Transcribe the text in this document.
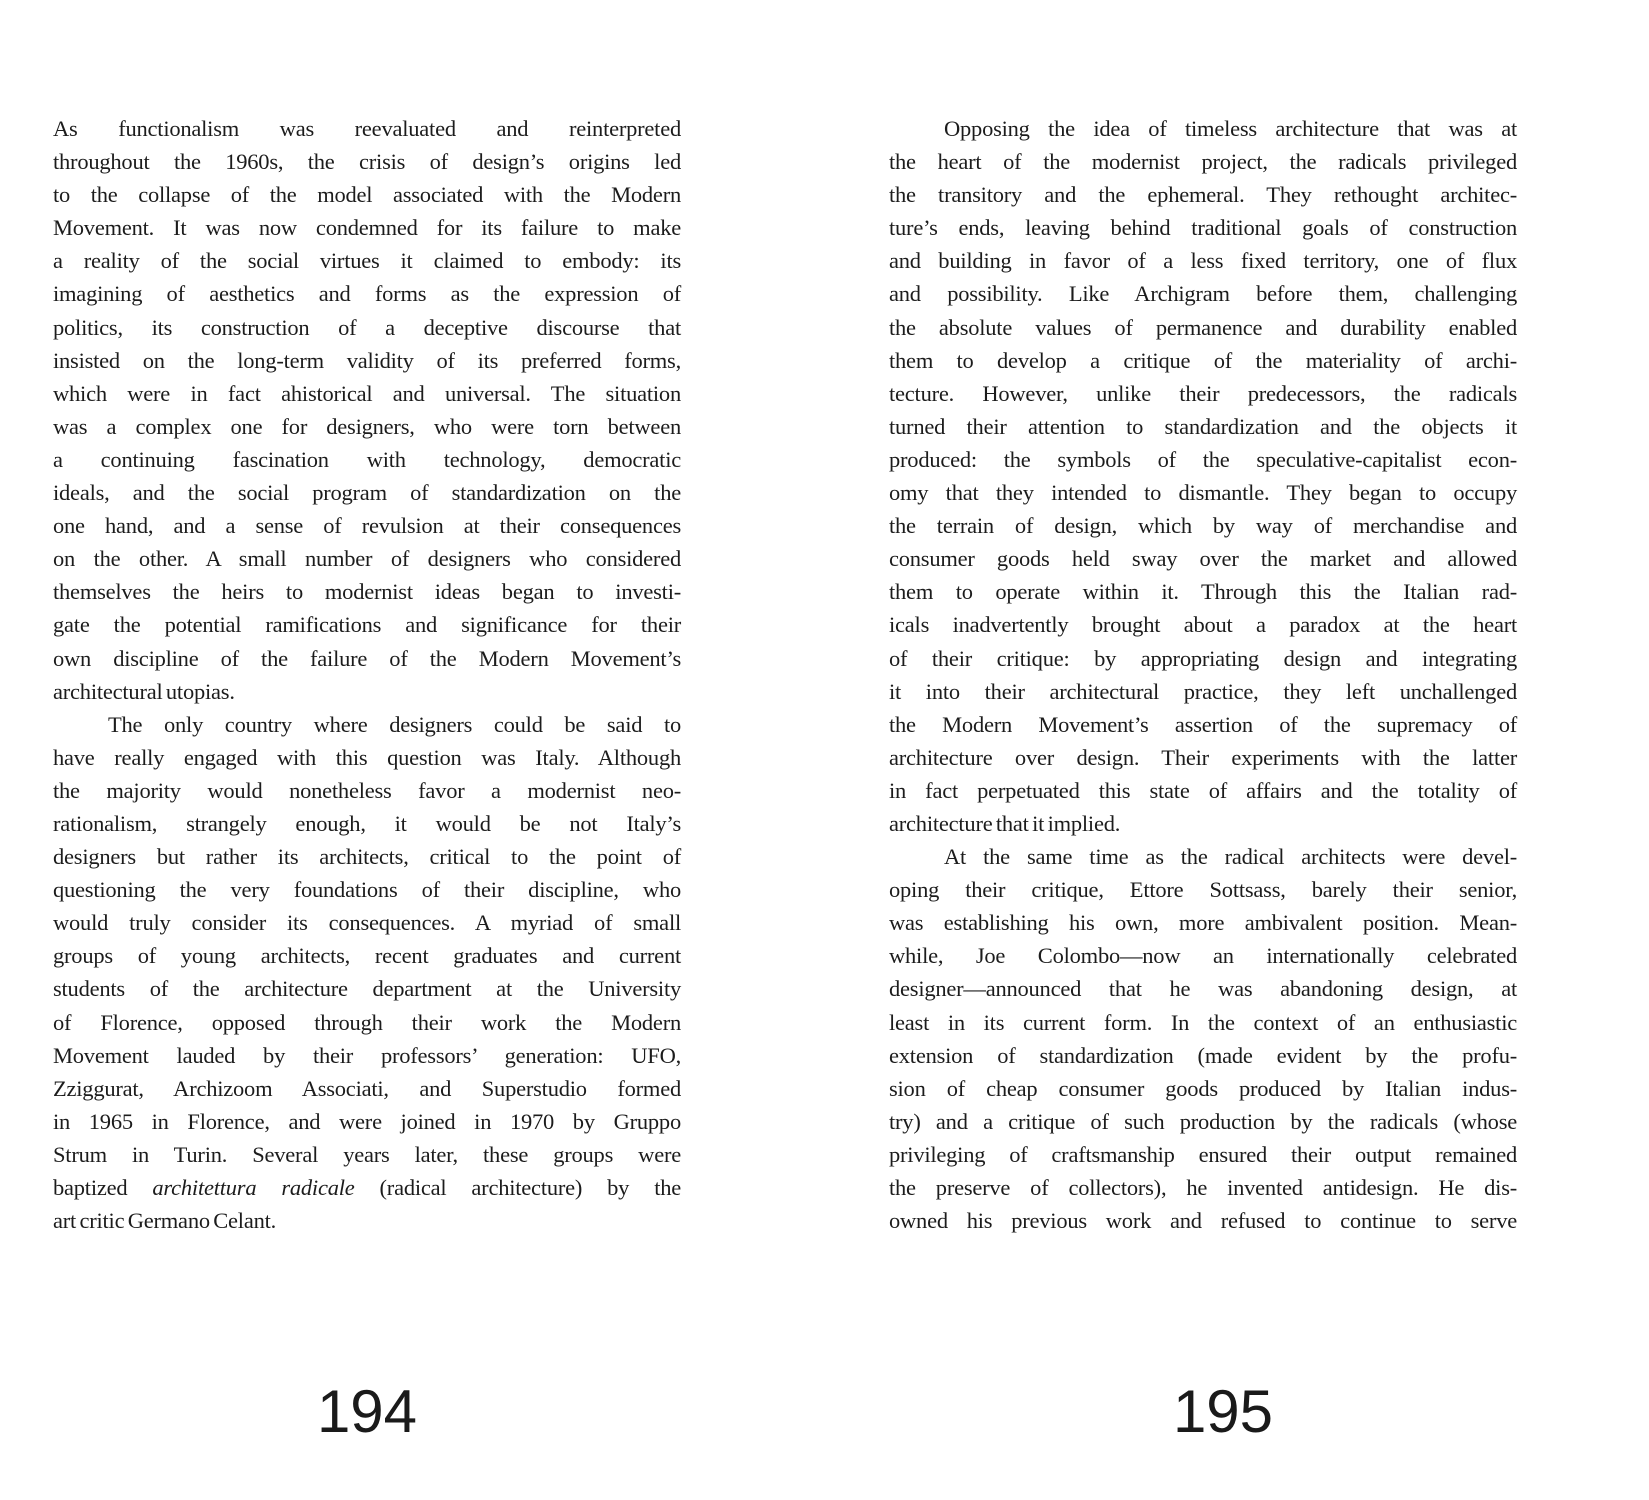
As functionalism was reevaluated and reinterpreted
throughout the 1960s, the crisis of design’s origins led
to the collapse of the model associated with the Modern
Movement. It was now condemned for its failure to make
a reality of the social virtues it claimed to embody: its
imagining of aesthetics and forms as the expression of
politics, its construction of a deceptive discourse that
insisted on the long-term validity of its preferred forms,
which were in fact ahistorical and universal. The situation
was a complex one for designers, who were torn between
a continuing fascination with technology, democratic
ideals, and the social program of standardization on the
one hand, and a sense of revulsion at their consequences
on the other. A small number of designers who considered
themselves the heirs to modernist ideas began to investi-
gate the potential ramifications and significance for their
own discipline of the failure of the Modern Movement’s
architectural utopias.
The only country where designers could be said to
have really engaged with this question was Italy. Although
the majority would nonetheless favor a modernist neo-
rationalism, strangely enough, it would be not Italy’s
designers but rather its architects, critical to the point of
questioning the very foundations of their discipline, who
would truly consider its consequences. A myriad of small
groups of young architects, recent graduates and current
students of the architecture department at the University
of Florence, opposed through their work the Modern
Movement lauded by their professors’ generation: UFO,
Zziggurat, Archizoom Associati, and Superstudio formed
in 1965 in Florence, and were joined in 1970 by Gruppo
Strum in Turin. Several years later, these groups were
baptized architettura radicale (radical architecture) by the
art critic Germano Celant.
Opposing the idea of timeless architecture that was at
the heart of the modernist project, the radicals privileged
the transitory and the ephemeral. They rethought architec-
ture’s ends, leaving behind traditional goals of construction
and building in favor of a less fixed territory, one of flux
and possibility. Like Archigram before them, challenging
the absolute values of permanence and durability enabled
them to develop a critique of the materiality of archi-
tecture. However, unlike their predecessors, the radicals
turned their attention to standardization and the objects it
produced: the symbols of the speculative-capitalist econ-
omy that they intended to dismantle. They began to occupy
the terrain of design, which by way of merchandise and
consumer goods held sway over the market and allowed
them to operate within it. Through this the Italian rad-
icals inadvertently brought about a paradox at the heart
of their critique: by appropriating design and integrating
it into their architectural practice, they left unchallenged
the Modern Movement’s assertion of the supremacy of
architecture over design. Their experiments with the latter
in fact perpetuated this state of affairs and the totality of
architecture that it implied.
At the same time as the radical architects were devel-
oping their critique, Ettore Sottsass, barely their senior,
was establishing his own, more ambivalent position. Mean-
while, Joe Colombo—now an internationally celebrated
designer—announced that he was abandoning design, at
least in its current form. In the context of an enthusiastic
extension of standardization (made evident by the profu-
sion of cheap consumer goods produced by Italian indus-
try) and a critique of such production by the radicals (whose
privileging of craftsmanship ensured their output remained
the preserve of collectors), he invented antidesign. He dis-
owned his previous work and refused to continue to serve
194	195
